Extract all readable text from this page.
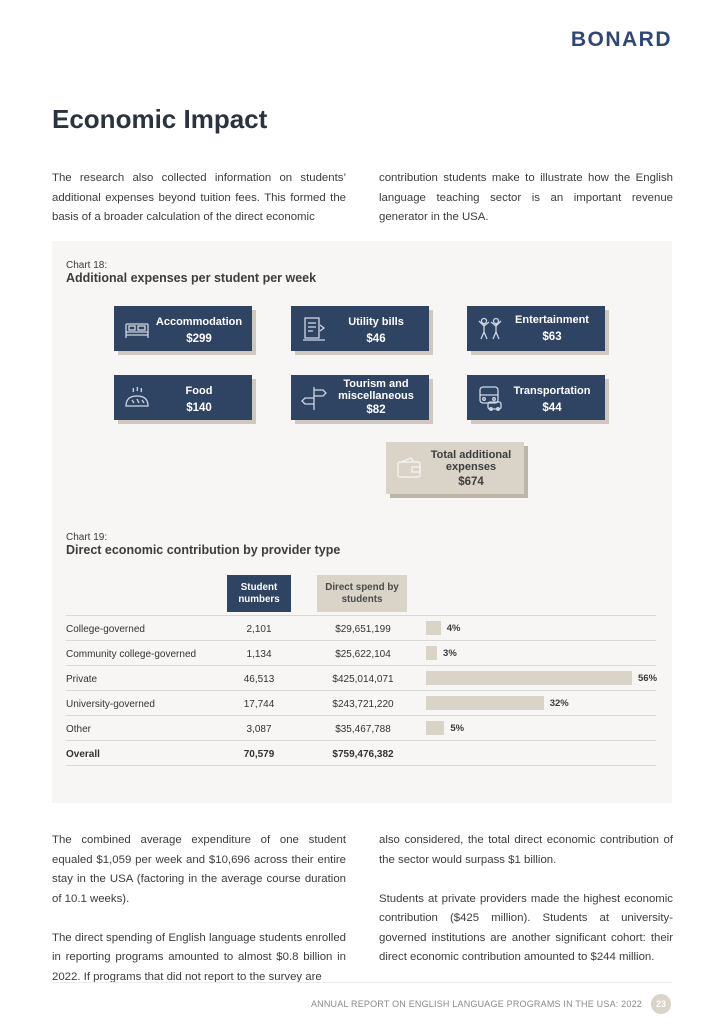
BONARD
Economic Impact
The research also collected information on students’ additional expenses beyond tuition fees. This formed the basis of a broader calculation of the direct economic
contribution students make to illustrate how the English language teaching sector is an important revenue generator in the USA.
Chart 18:
Additional expenses per student per week
Accommodation
$299
Utility bills
$46
Entertainment
$63
Food
$140
Tourism and miscellaneous
$82
Transportation
$44
Total additional expenses
$674
Chart 19:
Direct economic contribution by provider type
Student numbers
Direct spend by students
College-governed	2,101	$29,651,199	4%
Community college-governed	1,134	$25,622,104	3%
Private	46,513	$425,014,071	56%
University-governed	17,744	$243,721,220	32%
Other	3,087	$35,467,788	5%
Overall	70,579	$759,476,382

The combined average expenditure of one student equaled $1,059 per week and $10,696 across their entire stay in the USA (factoring in the average course duration of 10.1 weeks).

The direct spending of English language students enrolled in reporting programs amounted to almost $0.8 billion in 2022. If programs that did not report to the survey are

also considered, the total direct economic contribution of the sector would surpass $1 billion.

Students at private providers made the highest economic contribution ($425 million). Students at university-governed institutions are another significant cohort: their direct economic contribution amounted to $244 million.

ANNUAL REPORT ON ENGLISH LANGUAGE PROGRAMS IN THE USA: 2022	23
